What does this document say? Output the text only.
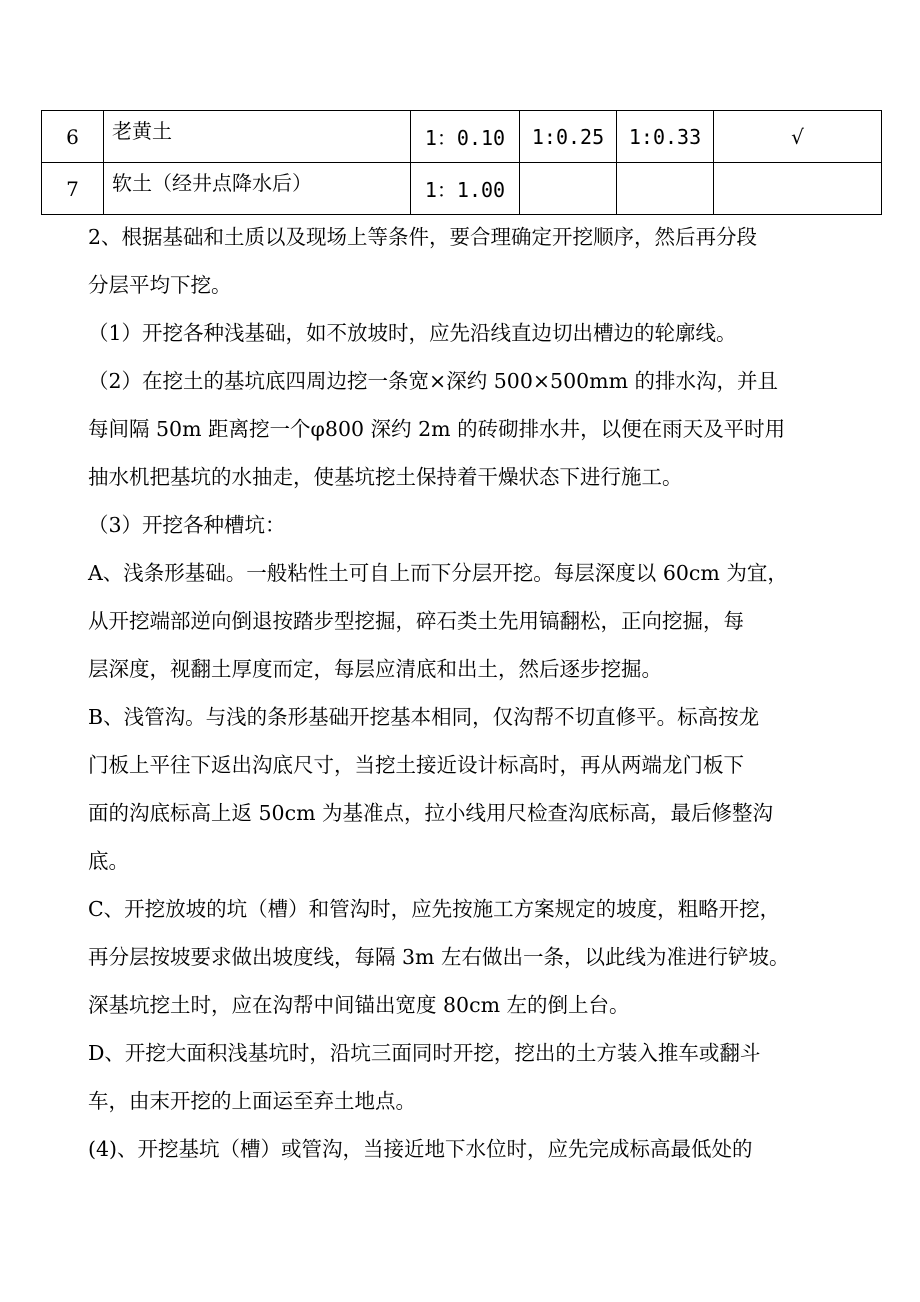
6	老黄土	1：0.10	1:0.25	1:0.33	√
7	软土（经井点降水后）	1：1.00			
2、根据基础和土质以及现场上等条件，要合理确定开挖顺序，然后再分段
分层平均下挖。
（1）开挖各种浅基础，如不放坡时，应先沿线直边切出槽边的轮廓线。
（2）在挖土的基坑底四周边挖一条宽×深约 500×500mm 的排水沟，并且
每间隔 50m 距离挖一个φ800 深约 2m 的砖砌排水井，以便在雨天及平时用
抽水机把基坑的水抽走，使基坑挖土保持着干燥状态下进行施工。
（3）开挖各种槽坑：
A、浅条形基础。一般粘性土可自上而下分层开挖。每层深度以 60cm 为宜，
从开挖端部逆向倒退按踏步型挖掘，碎石类土先用镐翻松，正向挖掘，每
层深度，视翻土厚度而定，每层应清底和出土，然后逐步挖掘。
B、浅管沟。与浅的条形基础开挖基本相同，仅沟帮不切直修平。标高按龙
门板上平往下返出沟底尺寸，当挖土接近设计标高时，再从两端龙门板下
面的沟底标高上返 50cm 为基准点，拉小线用尺检查沟底标高，最后修整沟
底。
C、开挖放坡的坑（槽）和管沟时，应先按施工方案规定的坡度，粗略开挖，
再分层按坡要求做出坡度线，每隔 3m 左右做出一条，以此线为准进行铲坡。
深基坑挖土时，应在沟帮中间锚出宽度 80cm 左的倒上台。
D、开挖大面积浅基坑时，沿坑三面同时开挖，挖出的土方装入推车或翻斗
车，由末开挖的上面运至弃土地点。
(4)、开挖基坑（槽）或管沟，当接近地下水位时，应先完成标高最低处的
